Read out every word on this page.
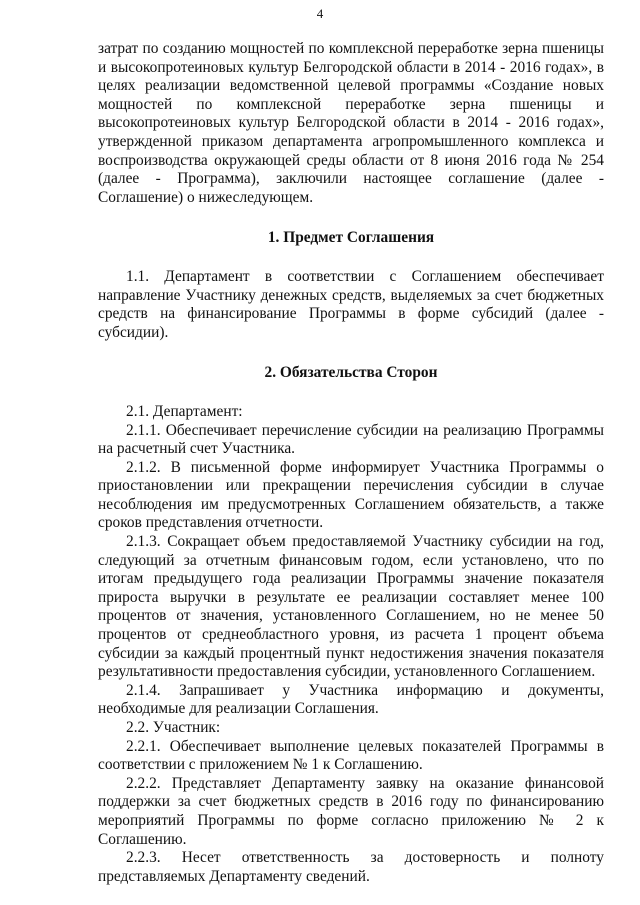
4

затрат по созданию мощностей по комплексной переработке зерна пшеницы и высокопротеиновых культур Белгородской области в 2014 - 2016 годах», в целях реализации ведомственной целевой программы «Создание новых мощностей по комплексной переработке зерна пшеницы и высокопротеиновых культур Белгородской области в 2014 - 2016 годах», утвержденной приказом департамента агропромышленного комплекса и воспроизводства окружающей среды области от 8 июня 2016 года № 254 (далее - Программа), заключили настоящее соглашение (далее - Соглашение) о нижеследующем.

1. Предмет Соглашения

1.1. Департамент в соответствии с Соглашением обеспечивает направление Участнику денежных средств, выделяемых за счет бюджетных средств на финансирование Программы в форме субсидий (далее - субсидии).

2. Обязательства Сторон

2.1. Департамент:

2.1.1. Обеспечивает перечисление субсидии на реализацию Программы на расчетный счет Участника.

2.1.2. В письменной форме информирует Участника Программы о приостановлении или прекращении перечисления субсидии в случае несоблюдения им предусмотренных Соглашением обязательств, а также сроков представления отчетности.

2.1.3. Сокращает объем предоставляемой Участнику субсидии на год, следующий за отчетным финансовым годом, если установлено, что по итогам предыдущего года реализации Программы значение показателя прироста выручки в результате ее реализации составляет менее 100 процентов от значения, установленного Соглашением, но не менее 50 процентов от среднеобластного уровня, из расчета 1 процент объема субсидии за каждый процентный пункт недостижения значения показателя результативности предоставления субсидии, установленного Соглашением.

2.1.4. Запрашивает у Участника информацию и документы, необходимые для реализации Соглашения.

2.2. Участник:

2.2.1. Обеспечивает выполнение целевых показателей Программы в соответствии с приложением № 1 к Соглашению.

2.2.2. Представляет Департаменту заявку на оказание финансовой поддержки за счет бюджетных средств в 2016 году по финансированию мероприятий Программы по форме согласно приложению № 2 к Соглашению.

2.2.3. Несет ответственность за достоверность и полноту представляемых Департаменту сведений.
